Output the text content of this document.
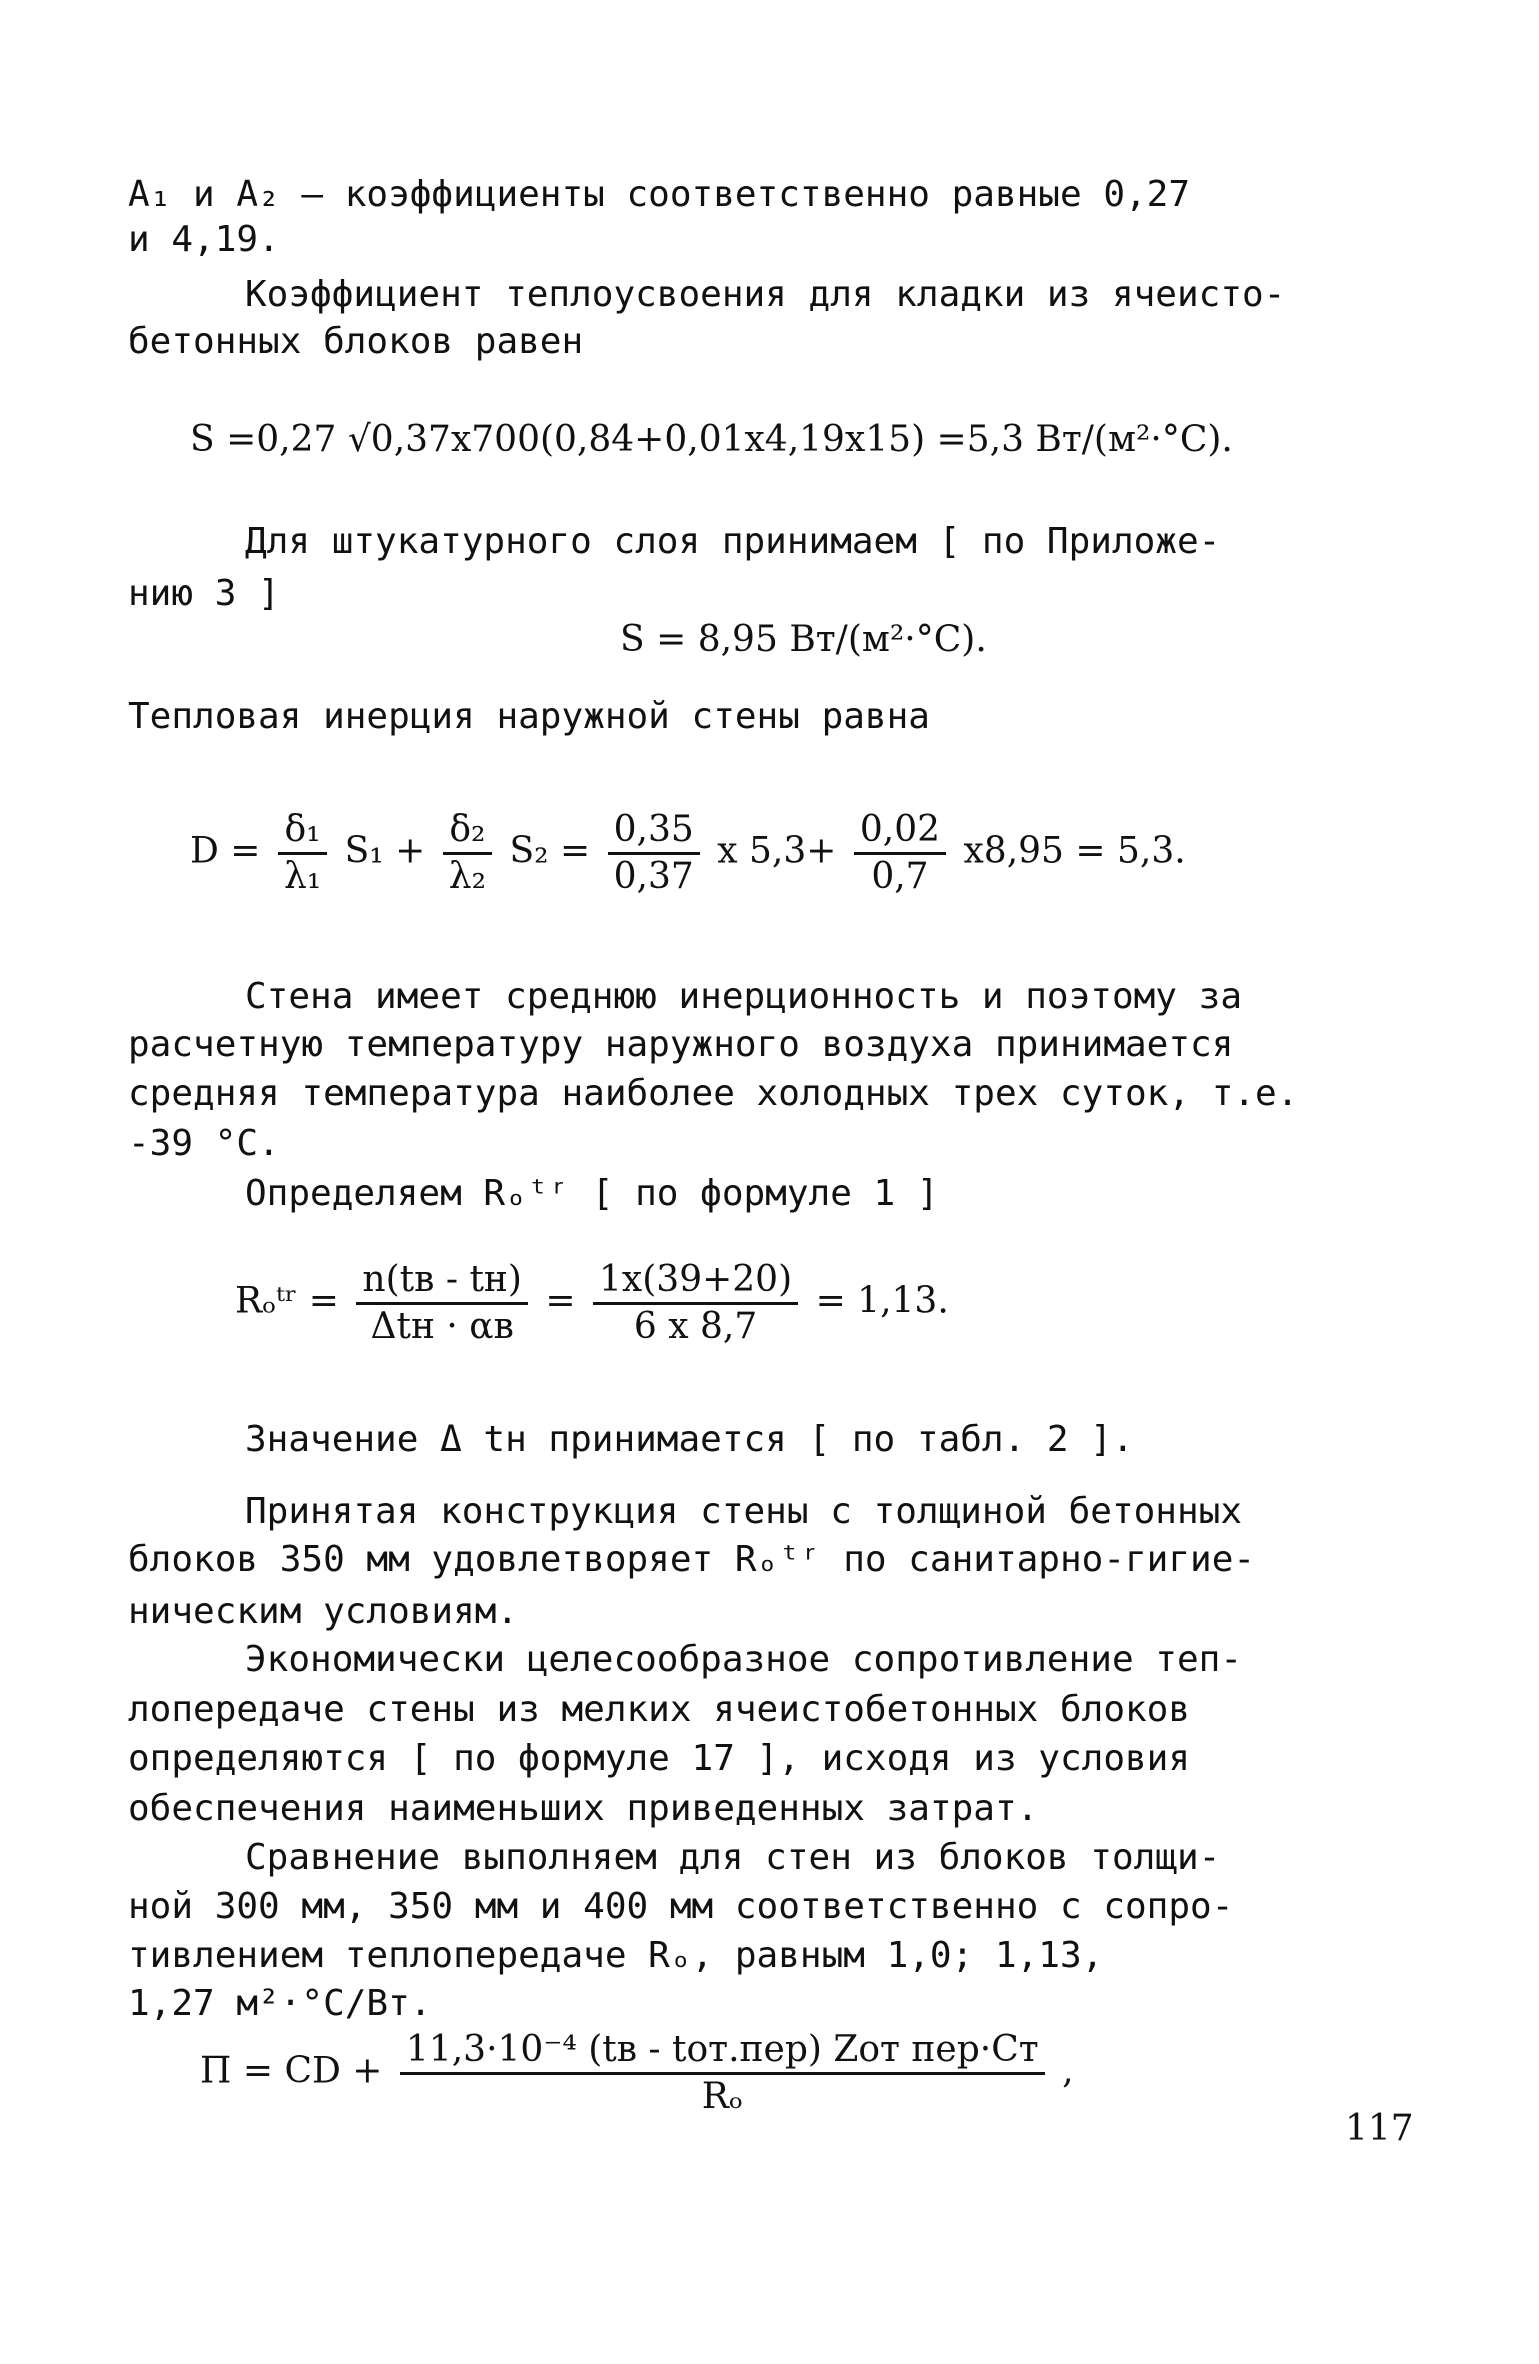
А₁ и А₂ – коэффициенты соответственно равные 0,27
и 4,19.
Коэффициент теплоусвоения для кладки из ячеисто-
бетонных блоков равен
S =0,27 √0,37x700(0,84+0,01x4,19x15) =5,3 Вт/(м²·°С).
Для штукатурного слоя принимаем [ по Приложе-
нию 3 ]
S = 8,95 Вт/(м²·°С).
Тепловая инерция наружной стены равна
$D = \frac{\text{δ₁}}{\text{λ₁}} S_1 + \frac{\text{δ₂}}{\text{λ₂}} S_2 = \frac{0,35}{0,37}$ x $5,3+ \frac{0,02}{0,7} x8,95 = 5,3$.
Стена имеет среднюю инерционность и поэтому за
расчетную температуру наружного воздуха принимается
средняя температура наиболее холодных трех суток, т.е.
-39 °С.
Определяем Rₒᵗʳ [ по формуле 1 ]
Rₒᵗʳ = $\frac{n(tв - tн)}{\text{Δtн · αв}} = \frac{1x(39+20)}{6 x 8,7} = 1,13$.
Значение Δ tн принимается [ по табл. 2 ].
Принятая конструкция стены с толщиной бетонных
блоков 350 мм удовлетворяет Rₒᵗʳ по санитарно-гигие-
ническим условиям.
Экономически целесообразное сопротивление теп-
лопередаче стены из мелких ячеистобетонных блоков
определяются [ по формуле 17 ], исходя из условия
обеспечения наименьших приведенных затрат.
Сравнение выполняем для стен из блоков толщи-
ной 300 мм, 350 мм и 400 мм соответственно с сопро-
тивлением теплопередаче Rₒ, равным 1,0; 1,13,
1,27 м²·°С/Вт.
П = CD + $\frac{\text{11,3·10⁻⁴ (tв - tот.пер) Zот пер·Cт}}{\text{Rₒ}}$ ,
117
